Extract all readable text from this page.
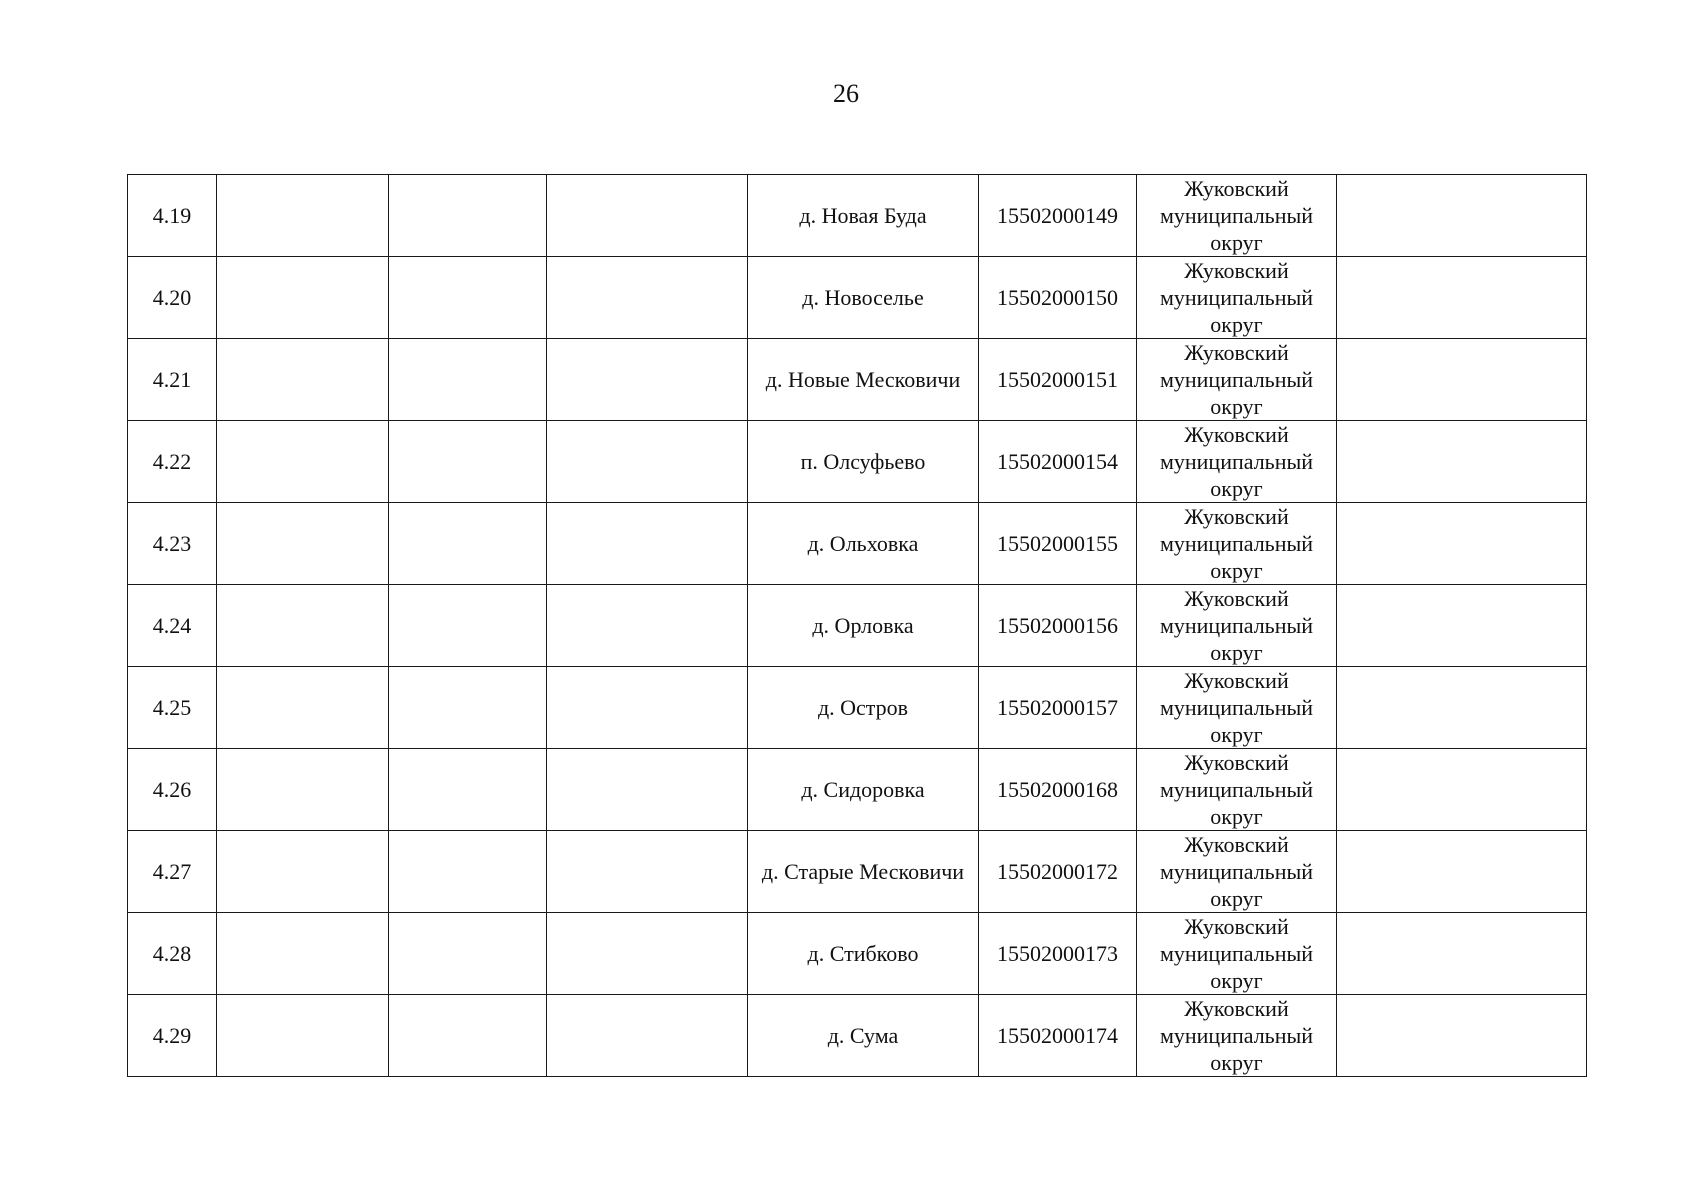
26
4.19				д. Новая Буда	15502000149	Жуковский муниципальный округ	
4.20				д. Новоселье	15502000150	Жуковский муниципальный округ	
4.21				д. Новые Месковичи	15502000151	Жуковский муниципальный округ	
4.22				п. Олсуфьево	15502000154	Жуковский муниципальный округ	
4.23				д. Ольховка	15502000155	Жуковский муниципальный округ	
4.24				д. Орловка	15502000156	Жуковский муниципальный округ	
4.25				д. Остров	15502000157	Жуковский муниципальный округ	
4.26				д. Сидоровка	15502000168	Жуковский муниципальный округ	
4.27				д. Старые Месковичи	15502000172	Жуковский муниципальный округ	
4.28				д. Стибково	15502000173	Жуковский муниципальный округ	
4.29				д. Сума	15502000174	Жуковский муниципальный округ	
